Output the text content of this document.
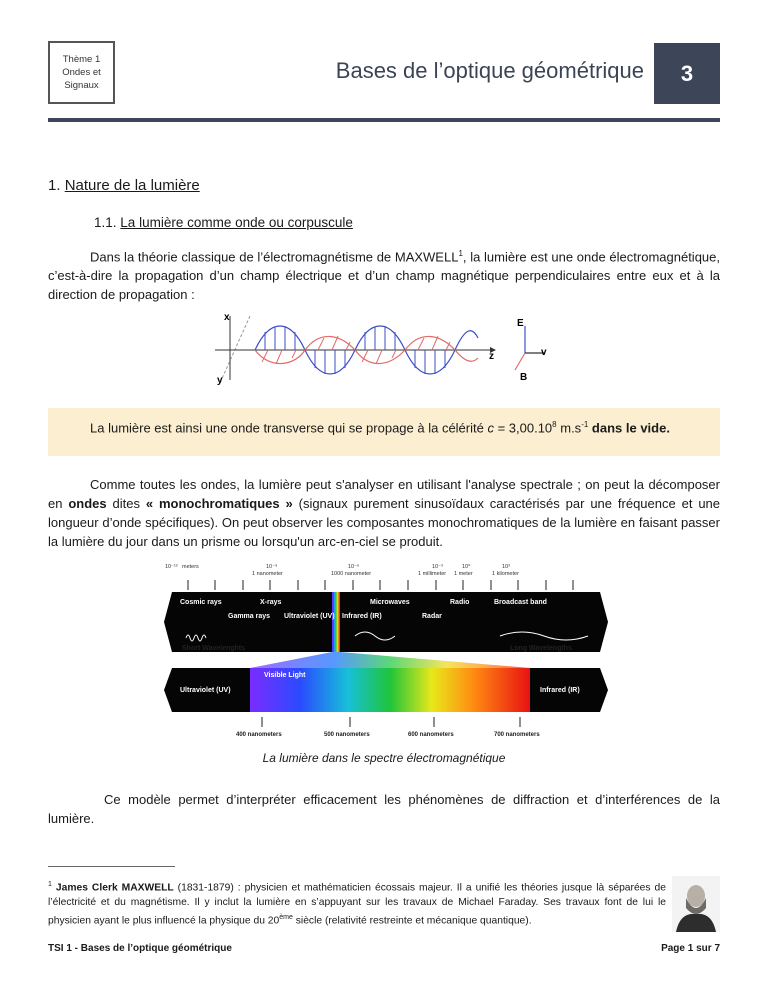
Thème 1
Ondes et
Signaux
Bases de l’optique géométrique	3
1. Nature de la lumière
1.1. La lumière comme onde ou corpuscule
Dans la théorie classique de l’électromagnétisme de MAXWELL$^1$, la lumière est une onde électromagnétique, c’est-à-dire la propagation d’un champ électrique et d’un champ magnétique perpendiculaires entre eux et à la direction de propagation :
x
y
z
E
v
B
La lumière est ainsi une onde transverse qui se propage à la célérité $c = 3,00.10^8$ $m.s^{-1}$ dans le vide.
Comme toutes les ondes, la lumière peut s'analyser en utilisant l'analyse spectrale ; on peut la décomposer en ondes dites « monochromatiques » (signaux purement sinusoïdaux caractérisés par une fréquence et une longueur d’onde spécifiques). On peut observer les composantes monochromatiques de la lumière en faisant passer la lumière du jour dans un prisme ou lorsqu'un arc-en-ciel se produit.
10⁻¹² meters	10⁻⁹
1 nanometer
10⁻⁶
1000 nanometer
10⁻³
1 millimeter
10⁰
1 meter
10³
1 kilometer
Cosmic rays
Gamma rays
X-rays
Ultraviolet (UV) Infrared (IR)
Microwaves
Radar
Radio	Broadcast band
Short Wavelenghts	Long Wavelengths
Visible Light
Ultraviolet (UV)	Infrared (IR)
400 nanometers	500 nanometers	600 nanometers	700 nanometers
La lumière dans le spectre électromagnétique
Ce modèle permet d’interpréter efficacement les phénomènes de diffraction et d’interférences de la lumière.
$^1$ James Clerk MAXWELL (1831-1879) : physicien et mathématicien écossais majeur. Il a unifié les théories jusque là séparées de l’électricité et du magnétisme. Il y inclut la lumière en s’appuyant sur les travaux de Michael Faraday. Ses travaux font de lui le physicien ayant le plus influencé la physique du 20ème siècle (relativité restreinte et mécanique quantique).
TSI 1 - Bases de l’optique géométrique	Page 1 sur 7
